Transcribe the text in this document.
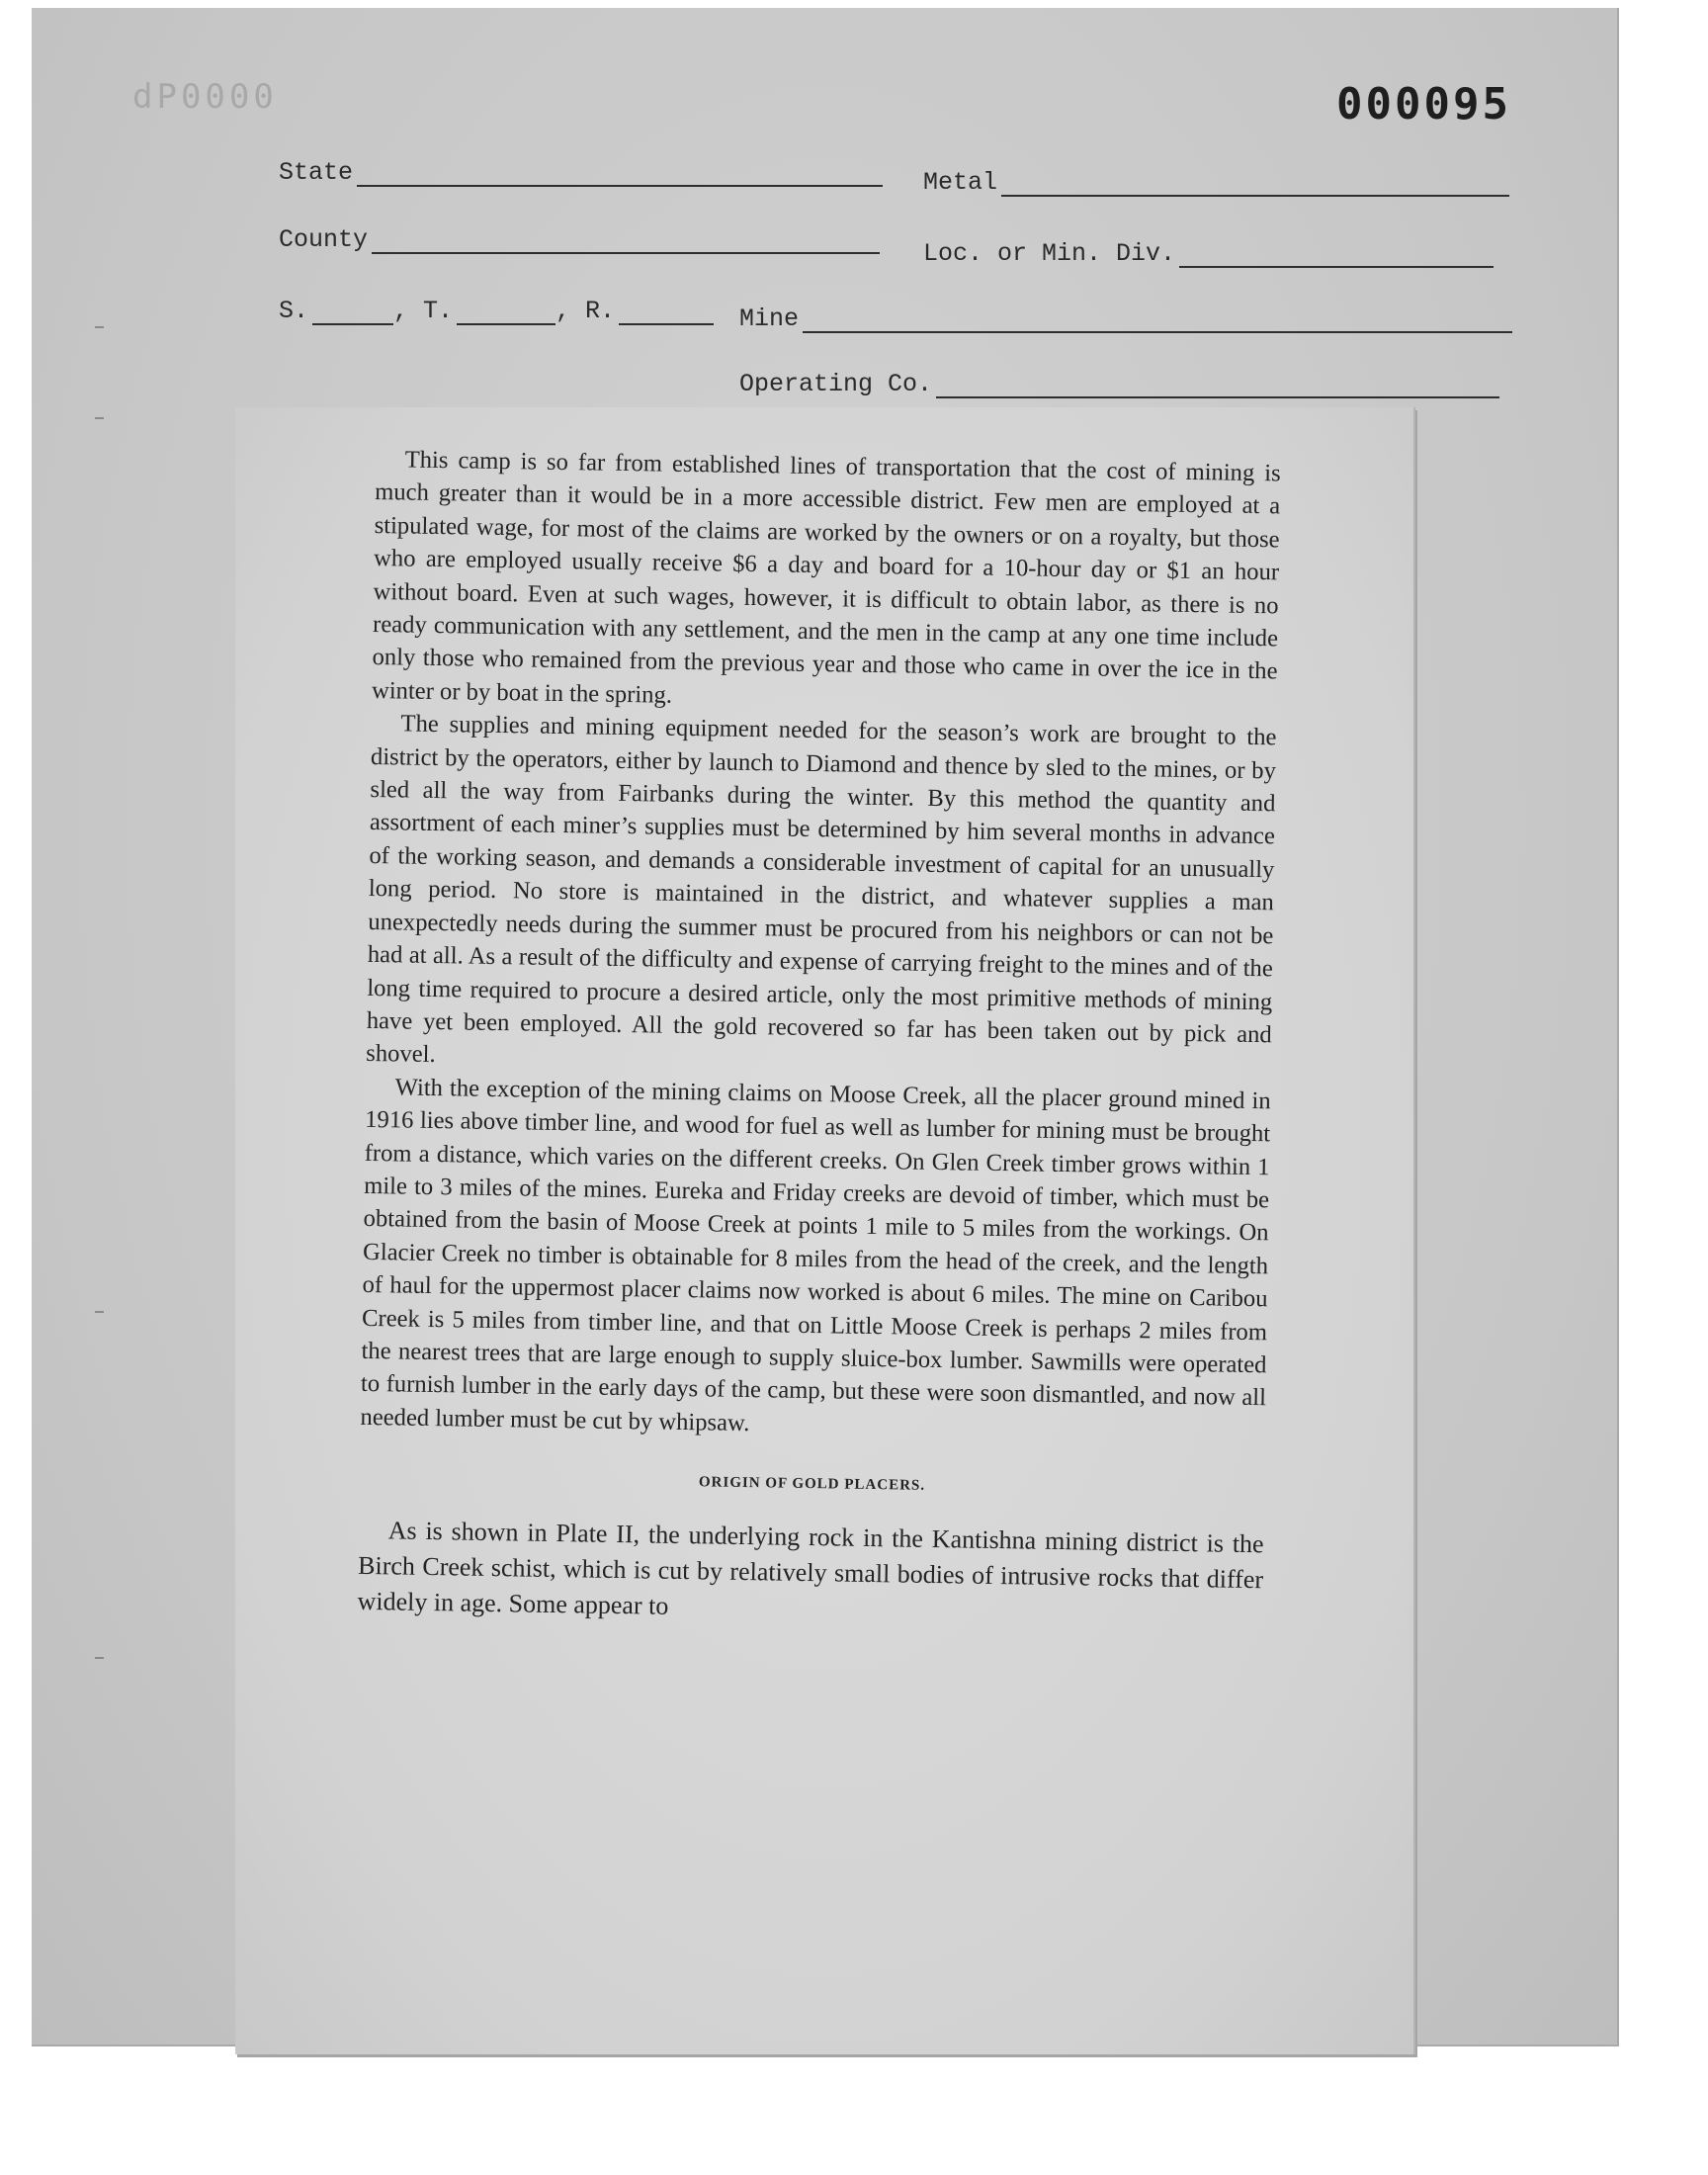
dP0000	000095
State	Metal
County	Loc. or Min. Div.
S.	, T.	, R.	Mine
Operating Co.

This camp is so far from established lines of transportation that the cost of mining is much greater than it would be in a more accessible district. Few men are employed at a stipulated wage, for most of the claims are worked by the owners or on a royalty, but those who are employed usually receive $6 a day and board for a 10-hour day or $1 an hour without board. Even at such wages, however, it is difficult to obtain labor, as there is no ready communication with any settlement, and the men in the camp at any one time include only those who remained from the previous year and those who came in over the ice in the winter or by boat in the spring.

The supplies and mining equipment needed for the season’s work are brought to the district by the operators, either by launch to Diamond and thence by sled to the mines, or by sled all the way from Fairbanks during the winter. By this method the quantity and assortment of each miner’s supplies must be determined by him several months in advance of the working season, and demands a considerable investment of capital for an unusually long period. No store is maintained in the district, and whatever supplies a man unexpectedly needs during the summer must be procured from his neighbors or can not be had at all. As a result of the difficulty and expense of carrying freight to the mines and of the long time required to procure a desired article, only the most primitive methods of mining have yet been employed. All the gold recovered so far has been taken out by pick and shovel.

With the exception of the mining claims on Moose Creek, all the placer ground mined in 1916 lies above timber line, and wood for fuel as well as lumber for mining must be brought from a distance, which varies on the different creeks. On Glen Creek timber grows within 1 mile to 3 miles of the mines. Eureka and Friday creeks are devoid of timber, which must be obtained from the basin of Moose Creek at points 1 mile to 5 miles from the workings. On Glacier Creek no timber is obtainable for 8 miles from the head of the creek, and the length of haul for the uppermost placer claims now worked is about 6 miles. The mine on Caribou Creek is 5 miles from timber line, and that on Little Moose Creek is perhaps 2 miles from the nearest trees that are large enough to supply sluice-box lumber. Sawmills were operated to furnish lumber in the early days of the camp, but these were soon dismantled, and now all needed lumber must be cut by whipsaw.

ORIGIN OF GOLD PLACERS.

As is shown in Plate II, the underlying rock in the Kantishna mining district is the Birch Creek schist, which is cut by relatively small bodies of intrusive rocks that differ widely in age. Some appear to
